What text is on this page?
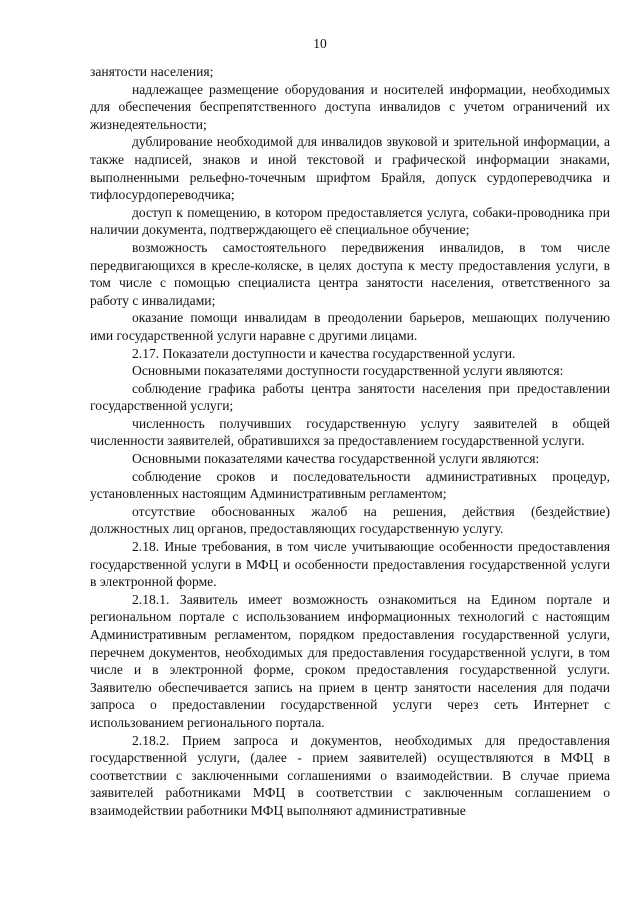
10

занятости населения;

надлежащее размещение оборудования и носителей информации, необходимых для обеспечения беспрепятственного доступа инвалидов с учетом ограничений их жизнедеятельности;

дублирование необходимой для инвалидов звуковой и зрительной информации, а также надписей, знаков и иной текстовой и графической информации знаками, выполненными рельефно-точечным шрифтом Брайля, допуск сурдопереводчика и тифлосурдопереводчика;

доступ к помещению, в котором предоставляется услуга, собаки-проводника при наличии документа, подтверждающего её специальное обучение;

возможность самостоятельного передвижения инвалидов, в том числе передвигающихся в кресле-коляске, в целях доступа к месту предоставления услуги, в том числе с помощью специалиста центра занятости населения, ответственного за работу с инвалидами;

оказание помощи инвалидам в преодолении барьеров, мешающих получению ими государственной услуги наравне с другими лицами.

2.17. Показатели доступности и качества государственной услуги.

Основными показателями доступности государственной услуги являются:

соблюдение графика работы центра занятости населения при предоставлении государственной услуги;

численность получивших государственную услугу заявителей в общей численности заявителей, обратившихся за предоставлением государственной услуги.

Основными показателями качества государственной услуги являются:

соблюдение сроков и последовательности административных процедур, установленных настоящим Административным регламентом;

отсутствие обоснованных жалоб на решения, действия (бездействие) должностных лиц органов, предоставляющих государственную услугу.

2.18. Иные требования, в том числе учитывающие особенности предоставления государственной услуги в МФЦ и особенности предоставления государственной услуги в электронной форме.

2.18.1. Заявитель имеет возможность ознакомиться на Едином портале и региональном портале с использованием информационных технологий с настоящим Административным регламентом, порядком предоставления государственной услуги, перечнем документов, необходимых для предоставления государственной услуги, в том числе и в электронной форме, сроком предоставления государственной услуги. Заявителю обеспечивается запись на прием в центр занятости населения для подачи запроса о предоставлении государственной услуги через сеть Интернет с использованием регионального портала.

2.18.2. Прием запроса и документов, необходимых для предоставления государственной услуги, (далее - прием заявителей) осуществляются в МФЦ в соответствии с заключенными соглашениями о взаимодействии. В случае приема заявителей работниками МФЦ в соответствии с заключенным соглашением о взаимодействии работники МФЦ выполняют административные
